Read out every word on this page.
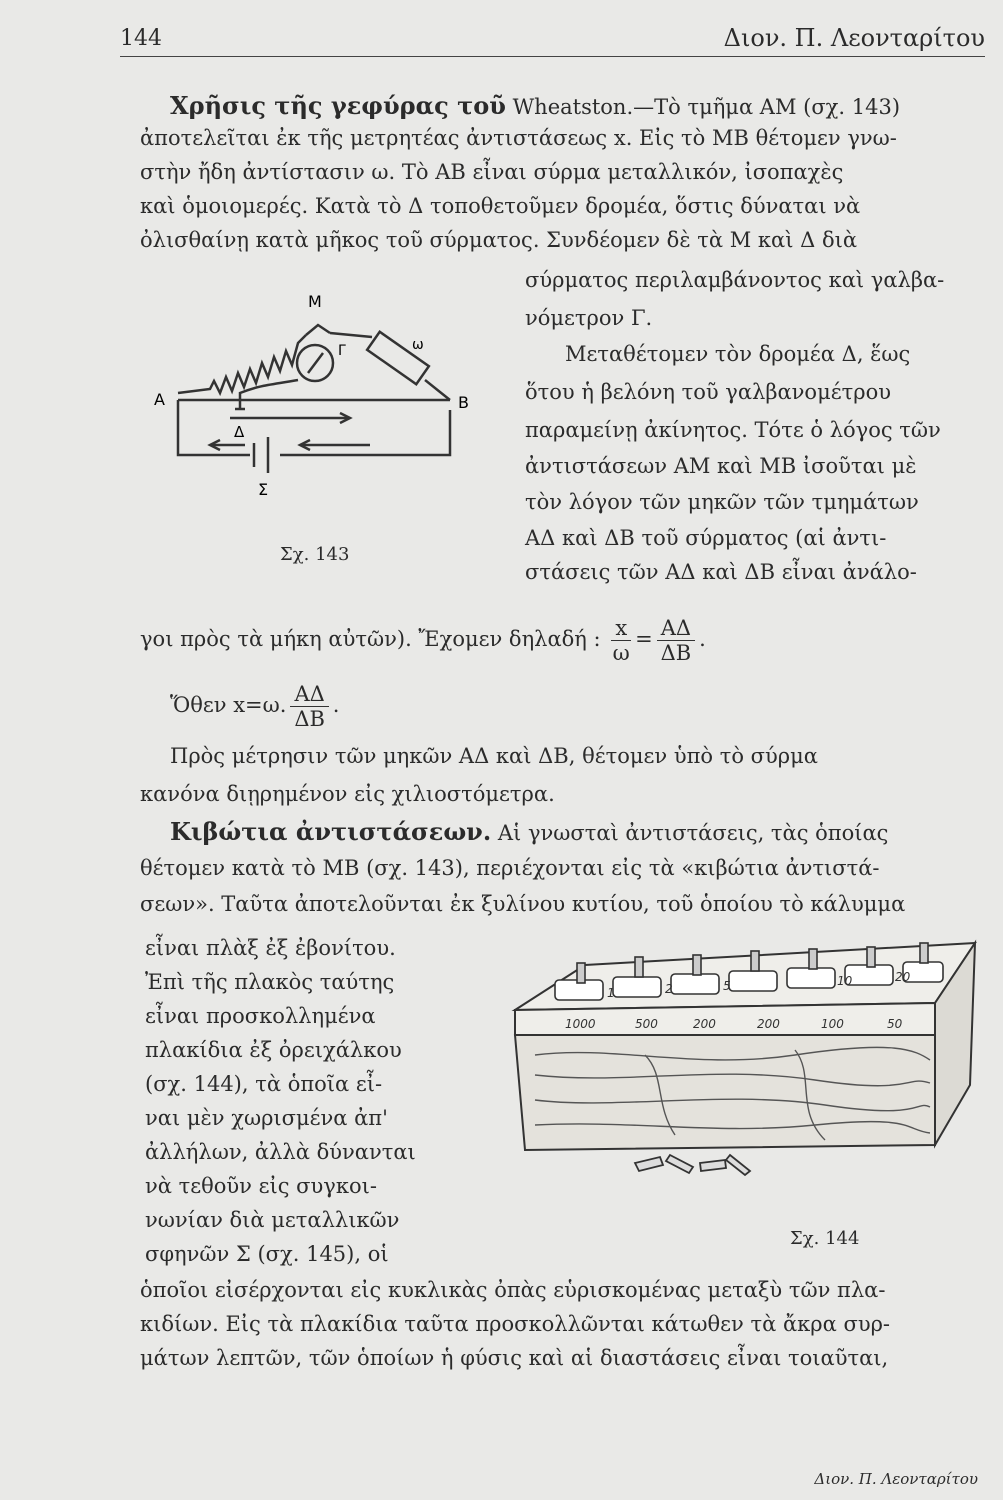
144	Διον. Π. Λεονταρίτου
Χρῆσις τῆς γεφύρας τοῦ Wheatston.—Τὸ τμῆμα ΑΜ (σχ. 143)
ἀποτελεῖται ἐκ τῆς μετρητέας ἀντιστάσεως x. Εἰς τὸ ΜΒ θέτομεν γνω-
στὴν ἤδη ἀντίστασιν ω. Τὸ ΑΒ εἶναι σύρμα μεταλλικόν, ἰσοπαχὲς
καὶ ὁμοιομερές. Κατὰ τὸ Δ τοποθετοῦμεν δρομέα, ὅστις δύναται νὰ
ὀλισθαίνῃ κατὰ μῆκος τοῦ σύρματος. Συνδέομεν δὲ τὰ Μ καὶ Δ διὰ
σύρματος περιλαμβάνοντος καὶ γαλβα-
νόμετρον Γ.
Μεταθέτομεν τὸν δρομέα Δ, ἕως
ὅτου ἡ βελόνη τοῦ γαλβανομέτρου
παραμείνῃ ἀκίνητος. Τότε ὁ λόγος τῶν
ἀντιστάσεων ΑΜ καὶ ΜΒ ἰσοῦται μὲ
τὸν λόγον τῶν μηκῶν τῶν τμημάτων
ΑΔ καὶ ΔΒ τοῦ σύρματος (αἱ ἀντι-
στάσεις τῶν ΑΔ καὶ ΔΒ εἶναι ἀνάλο-
γοι πρὸς τὰ μήκη αὐτῶν). Ἔχομεν δηλαδή : $\frac{x}{\omega} = \frac{A\Delta}{\Delta B}$ .
Ὅθεν x=ω. $\frac{A\Delta}{\Delta B}$ .
Πρὸς μέτρησιν τῶν μηκῶν ΑΔ καὶ ΔΒ, θέτομεν ὑπὸ τὸ σύρμα
κανόνα διῃρημένον εἰς χιλιοστόμετρα.
Α
Μ
Β
Δ
Γ
Σ
ω
Σχ. 143
Κιβώτια ἀντιστάσεων. Αἱ γνωσταὶ ἀντιστάσεις, τὰς ὁποίας
θέτομεν κατὰ τὸ ΜΒ (σχ. 143), περιέχονται εἰς τὰ «κιβώτια ἀντιστά-
σεων». Ταῦτα ἀποτελοῦνται ἐκ ξυλίνου κυτίου, τοῦ ὁποίου τὸ κάλυμμα
εἶναι πλὰξ ἐξ ἐβονίτου.
Ἐπὶ τῆς πλακὸς ταύτης
εἶναι προσκολλημένα
πλακίδια ἐξ ὀρειχάλκου
(σχ. 144), τὰ ὁποῖα εἶ-
ναι μὲν χωρισμένα ἀπ'
ἀλλήλων, ἀλλὰ δύνανται
νὰ τεθοῦν εἰς συγκοι-
νωνίαν διὰ μεταλλικῶν
σφηνῶν Σ (σχ. 145), οἱ
ὁποῖοι εἰσέρχονται εἰς κυκλικὰς ὀπὰς εὑρισκομένας μεταξὺ τῶν πλα-
κιδίων. Εἰς τὰ πλακίδια ταῦτα προσκολλῶνται κάτωθεν τὰ ἄκρα συρ-
μάτων λεπτῶν, τῶν ὁποίων ἡ φύσις καὶ αἱ διαστάσεις εἶναι τοιαῦται,
1	2	5	10	20
1000	500	200	200	100	50
Σχ. 144
Διον. Π. Λεονταρίτου
